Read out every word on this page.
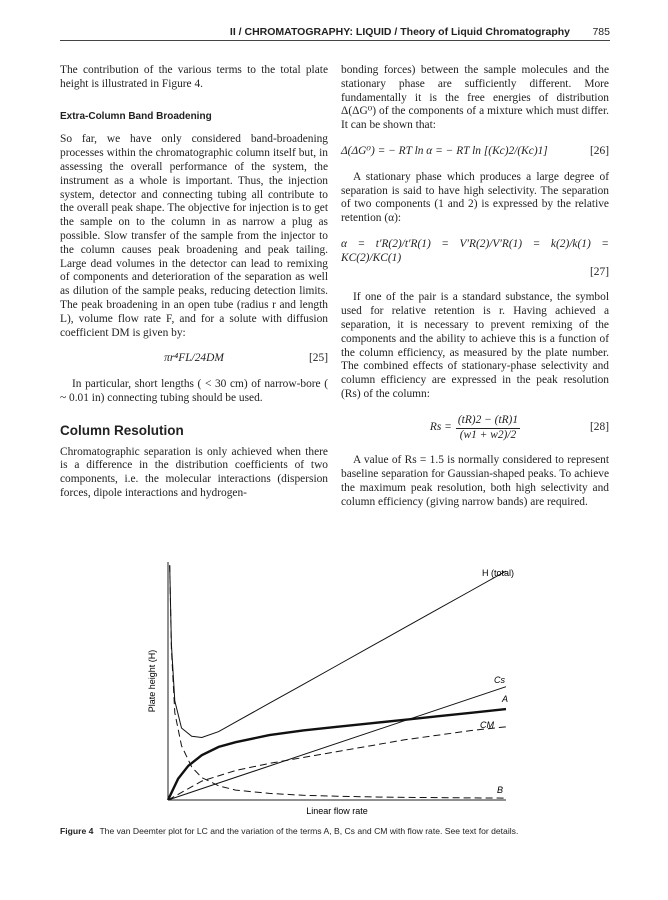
II / CHROMATOGRAPHY: LIQUID / Theory of Liquid Chromatography 785

The contribution of the various terms to the total plate height is illustrated in Figure 4.

Extra-Column Band Broadening

So far, we have only considered band-broadening processes within the chromatographic column itself but, in assessing the overall performance of the system, the instrument as a whole is important. Thus, the injection system, detector and connecting tubing all contribute to the overall peak shape. The objective for injection is to get the sample on to the column in as narrow a plug as possible. Slow transfer of the sample from the injector to the column causes peak broadening and peak tailing. Large dead volumes in the detector can lead to remixing of components and deterioration of the separation as well as dilution of the sample peaks, reducing detection limits. The peak broadening in an open tube (radius r and length L), volume flow rate F, and for a solute with diffusion coefficient DM is given by:

πr⁴FL/24DM	[25]

In particular, short lengths ( < 30 cm) of narrow-bore ( ~ 0.01 in) connecting tubing should be used.

Column Resolution

Chromatographic separation is only achieved when there is a difference in the distribution coefficients of two components, i.e. the molecular interactions (dispersion forces, dipole interactions and hydrogen-

bonding forces) between the sample molecules and the stationary phase are sufficiently different. More fundamentally it is the free energies of distribution Δ(ΔG⁰) of the components of a mixture which must differ. It can be shown that:

Δ(ΔG⁰) = − RT ln α = − RT ln [(Kc)2/(Kc)1]	[26]

A stationary phase which produces a large degree of separation is said to have high selectivity. The separation of two components (1 and 2) is expressed by the relative retention (α):

α = t′R(2)/t′R(1) = V′R(2)/V′R(1) = k(2)/k(1) = KC(2)/KC(1)
[27]

If one of the pair is a standard substance, the symbol used for relative retention is r. Having achieved a separation, it is necessary to prevent remixing of the components and the ability to achieve this is a function of the column efficiency, as measured by the plate number. The combined effects of stationary-phase selectivity and column efficiency are expressed in the peak resolution (Rs) of the column:

$Rs = \frac{(tR)2 - (tR)1}{(w1 + w2)/2}$	[28]

A value of Rs = 1.5 is normally considered to represent baseline separation for Gaussian-shaped peaks. To achieve the maximum peak resolution, both high selectivity and column efficiency (giving narrow bands) are required.

Linear flow rate
Plate height (H)
H (total)
Cs
A
CM
B
Figure 4 The van Deemter plot for LC and the variation of the terms A, B, Cs and CM with flow rate. See text for details.
